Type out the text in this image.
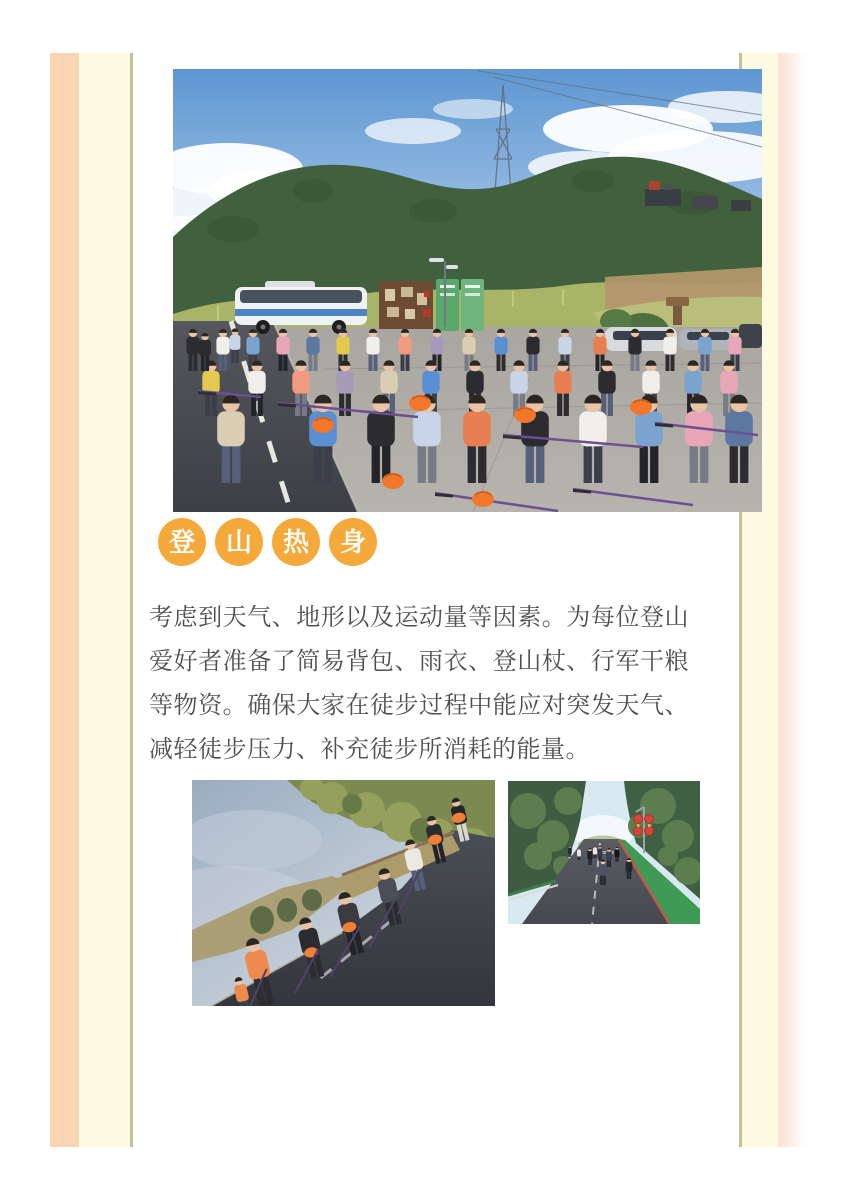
登 山 热 身

考虑到天气、地形以及运动量等因素。为每位登山爱好者准备了简易背包、雨衣、登山杖、行军干粮等物资。确保大家在徒步过程中能应对突发天气、减轻徒步压力、补充徒步所消耗的能量。
